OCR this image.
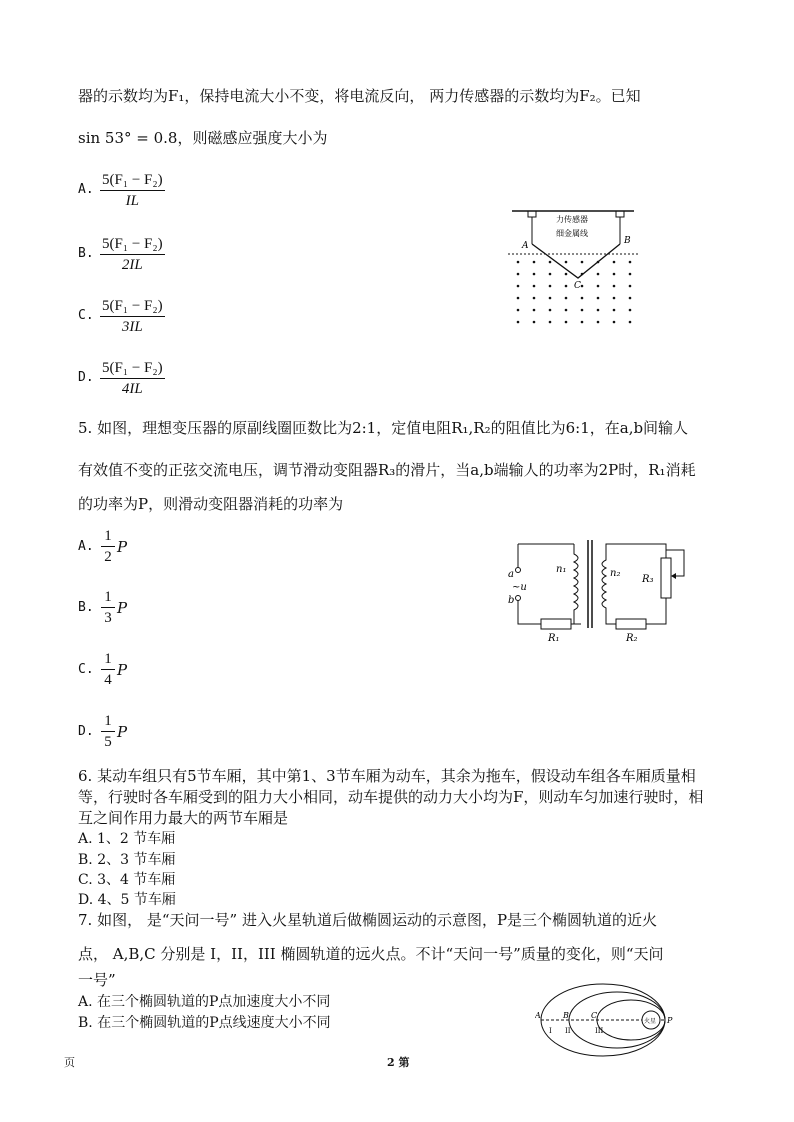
器的示数均为F₁，保持电流大小不变，将电流反向， 两力传感器的示数均为F₂。已知
sin 53° = 0.8，则磁感应强度大小为
A. $\frac{\text{5(F₁ − F₂)}}{IL}$
B. $\frac{\text{5(F₁ − F₂)}}{2IL}$
C. $\frac{\text{5(F₁ − F₂)}}{3IL}$
D. $\frac{\text{5(F₁ − F₂)}}{4IL}$
力传感器
细金属线
A	B
C
5. 如图，理想变压器的原副线圈匝数比为2:1，定值电阻R₁,R₂的阻值比为6:1，在a,b间输人
有效值不变的正弦交流电压，调节滑动变阻器R₃的滑片，当a,b端输人的功率为2P时，R₁消耗
的功率为P，则滑动变阻器消耗的功率为
A. $\frac{1}{2}$ P
B. $\frac{1}{3}$ P
C. $\frac{1}{4}$ P
D. $\frac{1}{5}$ P
a
b
~u
R₁
n₁	n₂
R₃
R₂
6. 某动车组只有5节车厢，其中第1、3节车厢为动车，其余为拖车，假设动车组各车厢质量相
等，行驶时各车厢受到的阻力大小相同，动车提供的动力大小均为F，则动车匀加速行驶时，相
互之间作用力最大的两节车厢是
A. 1、2 节车厢
B. 2、3 节车厢
C. 3、4 节车厢
D. 4、5 节车厢
7. 如图， 是“天问一号” 进入火星轨道后做椭圆运动的示意图，P是三个椭圆轨道的近火
点， A,B,C 分别是 I，II，III 椭圆轨道的远火点。不计“天问一号”质量的变化，则“天问
一号”
A. 在三个椭圆轨道的P点加速度大小不同
B. 在三个椭圆轨道的P点线速度大小不同	火星
A	B	C
P
I II	III
页	2 第
